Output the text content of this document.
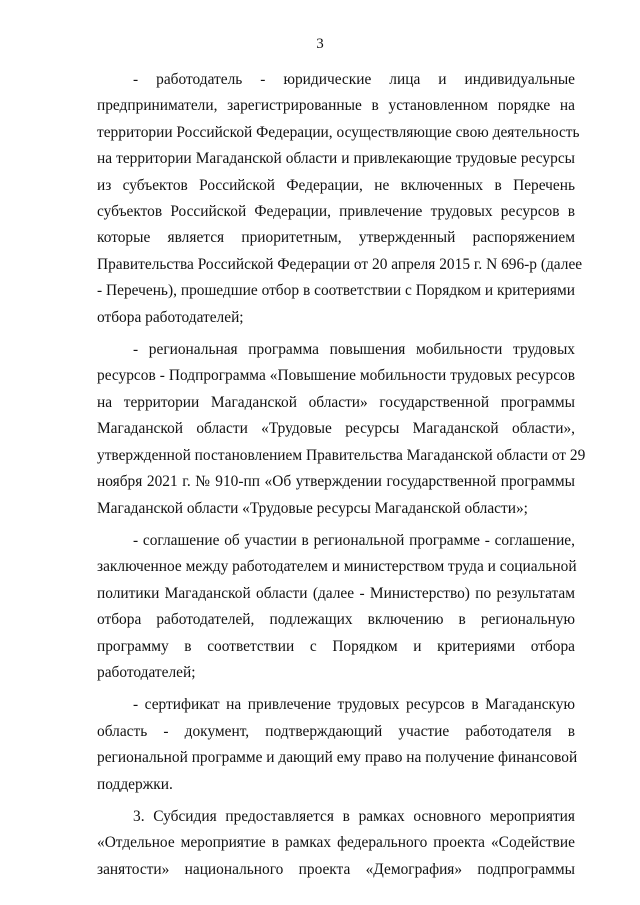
3
- работодатель - юридические лица и индивидуальные
предприниматели, зарегистрированные в установленном порядке на
территории Российской Федерации, осуществляющие свою деятельность
на территории Магаданской области и привлекающие трудовые ресурсы
из субъектов Российской Федерации, не включенных в Перечень
субъектов Российской Федерации, привлечение трудовых ресурсов в
которые является приоритетным, утвержденный распоряжением
Правительства Российской Федерации от 20 апреля 2015 г. N 696-р (далее
- Перечень), прошедшие отбор в соответствии с Порядком и критериями
отбора работодателей;
- региональная программа повышения мобильности трудовых
ресурсов - Подпрограмма «Повышение мобильности трудовых ресурсов
на территории Магаданской области» государственной программы
Магаданской области «Трудовые ресурсы Магаданской области»,
утвержденной постановлением Правительства Магаданской области от 29
ноября 2021 г. № 910-пп «Об утверждении государственной программы
Магаданской области «Трудовые ресурсы Магаданской области»;
- соглашение об участии в региональной программе - соглашение,
заключенное между работодателем и министерством труда и социальной
политики Магаданской области (далее - Министерство) по результатам
отбора работодателей, подлежащих включению в региональную
программу в соответствии с Порядком и критериями отбора
работодателей;
- сертификат на привлечение трудовых ресурсов в Магаданскую
область - документ, подтверждающий участие работодателя в
региональной программе и дающий ему право на получение финансовой
поддержки.
3. Субсидия предоставляется в рамках основного мероприятия
«Отдельное мероприятие в рамках федерального проекта «Содействие
занятости» национального проекта «Демография» подпрограммы
